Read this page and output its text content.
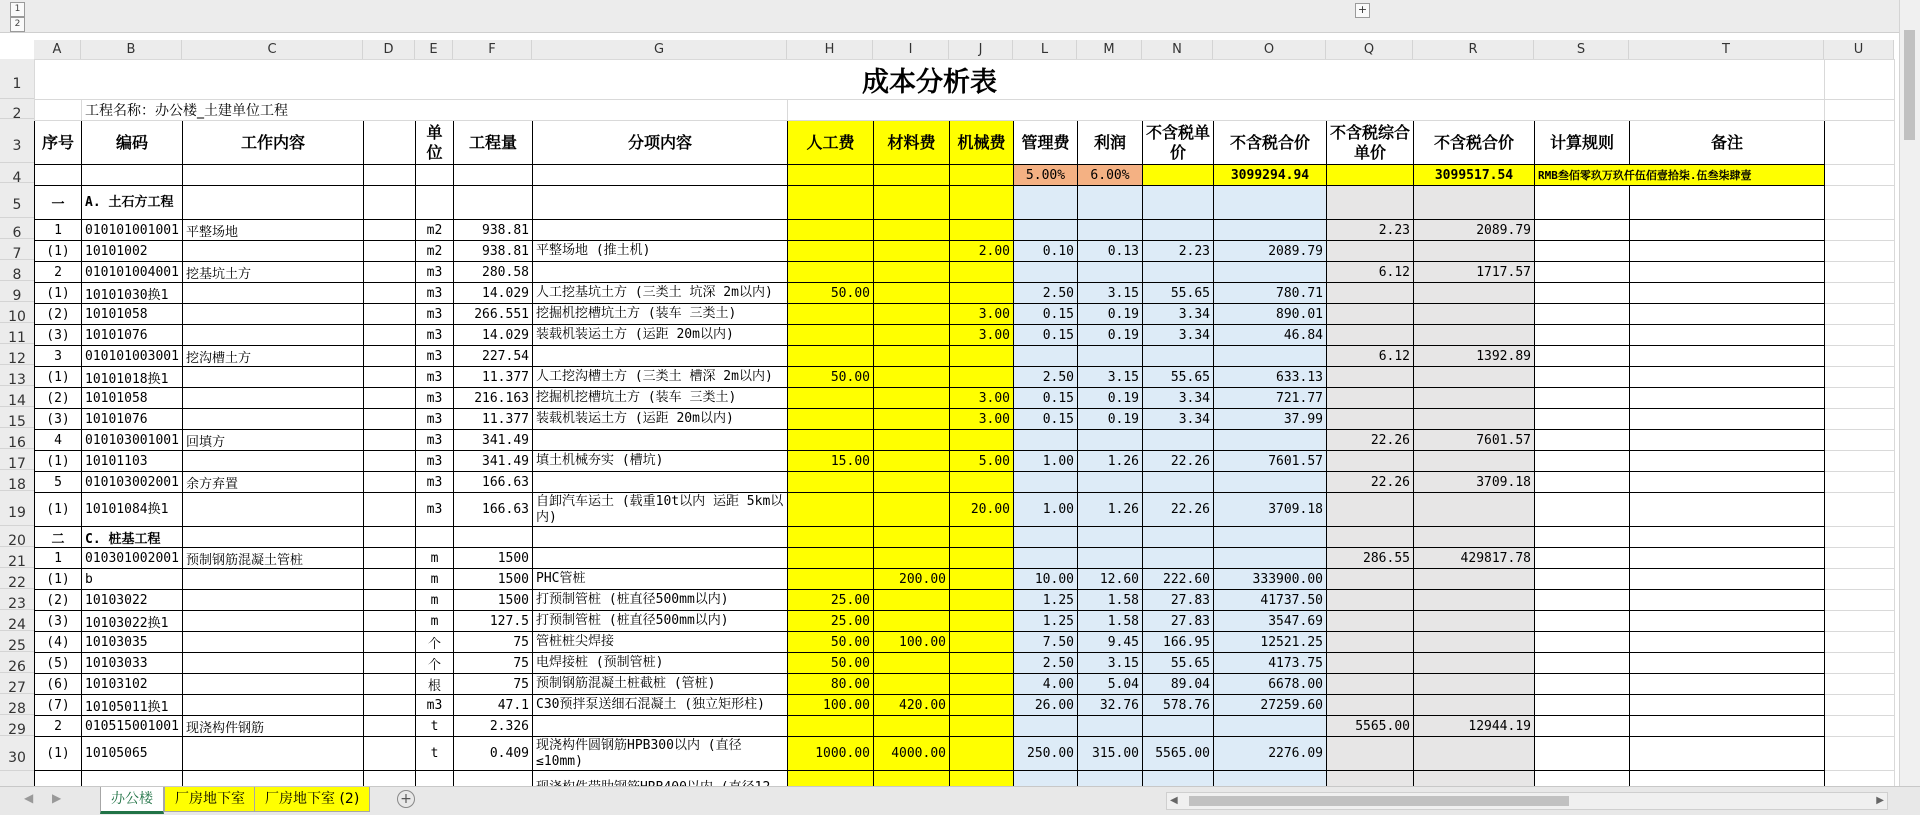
1
2
+
A	B	C	D	E	F	G	H	I	J	L	M	N	O	Q	R	S	T	U
1
2
3
4
5
6
7
8
9
10
11
12
13
14
15
16
17
18
19
20
21
22
23
24
25
26
27
28
29
30
成本分析表																		
	工程名称：办公楼_土建单位工程																	
序号	编码	工作内容		单位	工程量	分项内容	人工费	材料费	机械费	管理费	利润	不含税单价	不含税合价	不含税综合单价	不含税合价	计算规则	备注	
										5.00%	6.00%		3099294.94		3099517.54	RMB叁佰零玖万玖仟伍佰壹拾柒.伍叁柒肆壹		
一	A. 土石方工程																	
1	010101001001	平整场地		m2	938.81									2.23	2089.79			
(1)	10101002			m2	938.81	平整场地 (推土机)			2.00	0.10	0.13	2.23	2089.79					
2	010101004001	挖基坑土方		m3	280.58									6.12	1717.57			
(1)	10101030换1			m3	14.029	人工挖基坑土方 (三类土 坑深 2m以内)	50.00			2.50	3.15	55.65	780.71					
(2)	10101058			m3	266.551	挖掘机挖槽坑土方 (装车 三类土)			3.00	0.15	0.19	3.34	890.01					
(3)	10101076			m3	14.029	装载机装运土方 (运距 20m以内)			3.00	0.15	0.19	3.34	46.84					
3	010101003001	挖沟槽土方		m3	227.54									6.12	1392.89			
(1)	10101018换1			m3	11.377	人工挖沟槽土方 (三类土 槽深 2m以内)	50.00			2.50	3.15	55.65	633.13					
(2)	10101058			m3	216.163	挖掘机挖槽坑土方 (装车 三类土)			3.00	0.15	0.19	3.34	721.77					
(3)	10101076			m3	11.377	装载机装运土方 (运距 20m以内)			3.00	0.15	0.19	3.34	37.99					
4	010103001001	回填方		m3	341.49									22.26	7601.57			
(1)	10101103			m3	341.49	填土机械夯实 (槽坑)	15.00		5.00	1.00	1.26	22.26	7601.57					
5	010103002001	余方弃置		m3	166.63									22.26	3709.18			
(1)	10101084换1			m3	166.63	自卸汽车运土 (载重10t以内 运距 5km以内)			20.00	1.00	1.26	22.26	3709.18					
二	C. 桩基工程																	
1	010301002001	预制钢筋混凝土管桩		m	1500									286.55	429817.78			
(1)	b			m	1500	PHC管桩		200.00		10.00	12.60	222.60	333900.00					
(2)	10103022			m	1500	打预制管桩 (桩直径500mm以内)	25.00			1.25	1.58	27.83	41737.50					
(3)	10103022换1			m	127.5	打预制管桩 (桩直径500mm以内)	25.00			1.25	1.58	27.83	3547.69					
(4)	10103035			个	75	管桩桩尖焊接	50.00	100.00		7.50	9.45	166.95	12521.25					
(5)	10103033			个	75	电焊接桩 (预制管桩)	50.00			2.50	3.15	55.65	4173.75					
(6)	10103102			根	75	预制钢筋混凝土桩截桩 (管桩)	80.00			4.00	5.04	89.04	6678.00					
(7)	10105011换1			m3	47.1	C30预拌泵送细石混凝土 (独立矩形柱)	100.00	420.00		26.00	32.76	578.76	27259.60					
2	010515001001	现浇构件钢筋		t	2.326									5565.00	12944.19			
(1)	10105065			t	0.409	现浇构件圆钢筋HPB300以内 (直径≤10mm)	1000.00	4000.00		250.00	315.00	5565.00	2276.09					

◀ ▶	办公楼	厂房地下室	厂房地下室 (2)	+	◀	▶
